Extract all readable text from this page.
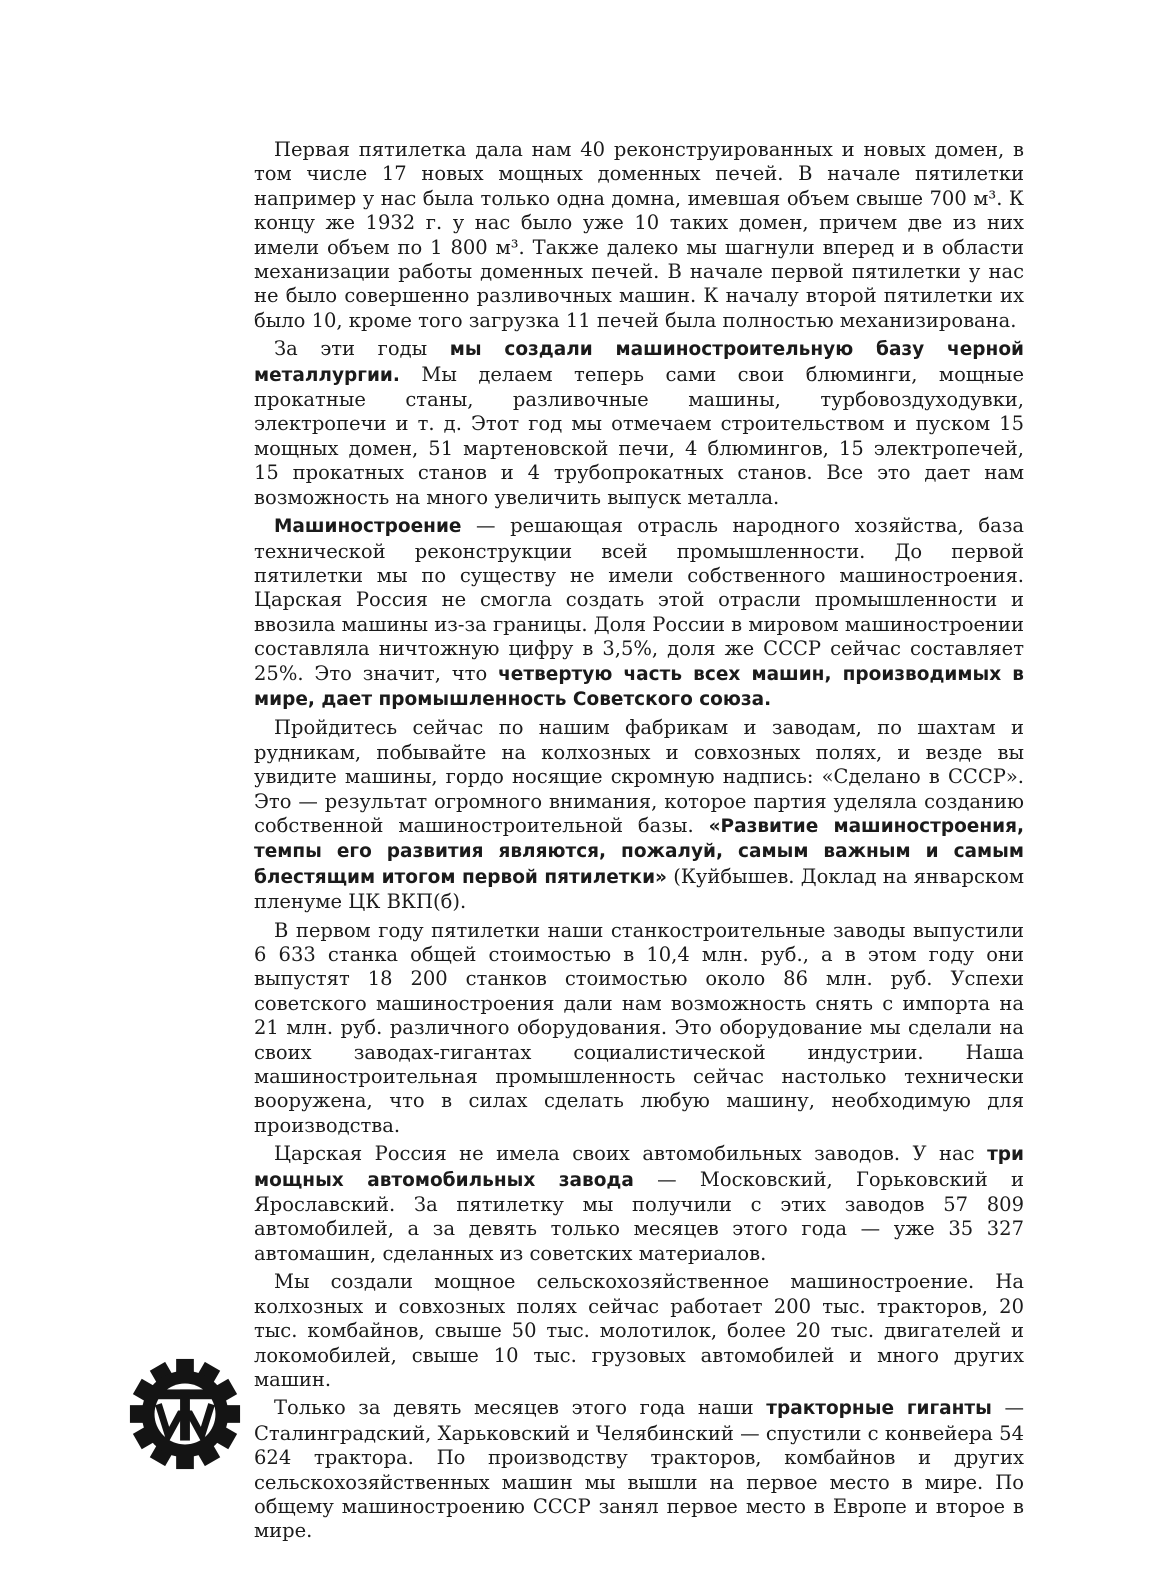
Первая пятилетка дала нам 40 реконструированных и новых домен, в том числе 17 новых мощных доменных печей. В начале пятилетки например у нас была только одна домна, имевшая объем свыше 700 м³. К концу же 1932 г. у нас было уже 10 таких домен, причем две из них имели объем по 1 800 м³. Также далеко мы шагнули вперед и в области механизации работы доменных печей. В начале первой пятилетки у нас не было совершенно разливочных машин. К началу второй пятилетки их было 10, кроме того загрузка 11 печей была полностью механизирована.

За эти годы мы создали машиностроительную базу черной металлургии. Мы делаем теперь сами свои блюминги, мощные прокатные станы, разливочные машины, турбовоздуходувки, электропечи и т. д. Этот год мы отмечаем строительством и пуском 15 мощных домен, 51 мартеновской печи, 4 блюмингов, 15 электропечей, 15 прокатных станов и 4 трубопрокатных станов. Все это дает нам возможность на много увеличить выпуск металла.

Машиностроение — решающая отрасль народного хозяйства, база технической реконструкции всей промышленности. До первой пятилетки мы по существу не имели собственного машиностроения. Царская Россия не смогла создать этой отрасли промышленности и ввозила машины из-за границы. Доля России в мировом машиностроении составляла ничтожную цифру в 3,5%, доля же СССР сейчас составляет 25%. Это значит, что четвертую часть всех машин, производимых в мире, дает промышленность Советского союза.

Пройдитесь сейчас по нашим фабрикам и заводам, по шахтам и рудникам, побывайте на колхозных и совхозных полях, и везде вы увидите машины, гордо носящие скромную надпись: «Сделано в СССР». Это — результат огромного внимания, которое партия уделяла созданию собственной машиностроительной базы. «Развитие машиностроения, темпы его развития являются, пожалуй, самым важным и самым блестящим итогом первой пятилетки» (Куйбышев. Доклад на январском пленуме ЦК ВКП(б).

В первом году пятилетки наши станкостроительные заводы выпустили 6 633 станка общей стоимостью в 10,4 млн. руб., а в этом году они выпустят 18 200 станков стоимостью около 86 млн. руб. Успехи советского машиностроения дали нам возможность снять с импорта на 21 млн. руб. различного оборудования. Это оборудование мы сделали на своих заводах-гигантах социалистической индустрии. Наша машиностроительная промышленность сейчас настолько технически вооружена, что в силах сделать любую машину, необходимую для производства.

Царская Россия не имела своих автомобильных заводов. У нас три мощных автомобильных завода — Московский, Горьковский и Ярославский. За пятилетку мы получили с этих заводов 57 809 автомобилей, а за девять только месяцев этого года — уже 35 327 автомашин, сделанных из советских материалов.

Мы создали мощное сельскохозяйственное машиностроение. На колхозных и совхозных полях сейчас работает 200 тыс. тракторов, 20 тыс. комбайнов, свыше 50 тыс. молотилок, более 20 тыс. двигателей и локомобилей, свыше 10 тыс. грузовых автомобилей и много других машин.

Только за девять месяцев этого года наши тракторные гиганты — Сталинградский, Харьковский и Челябинский — спустили с конвейера 54 624 трактора. По производству тракторов, комбайнов и других сельскохозяйственных машин мы вышли на первое место в мире. По общему машиностроению СССР занял первое место в Европе и второе в мире.
